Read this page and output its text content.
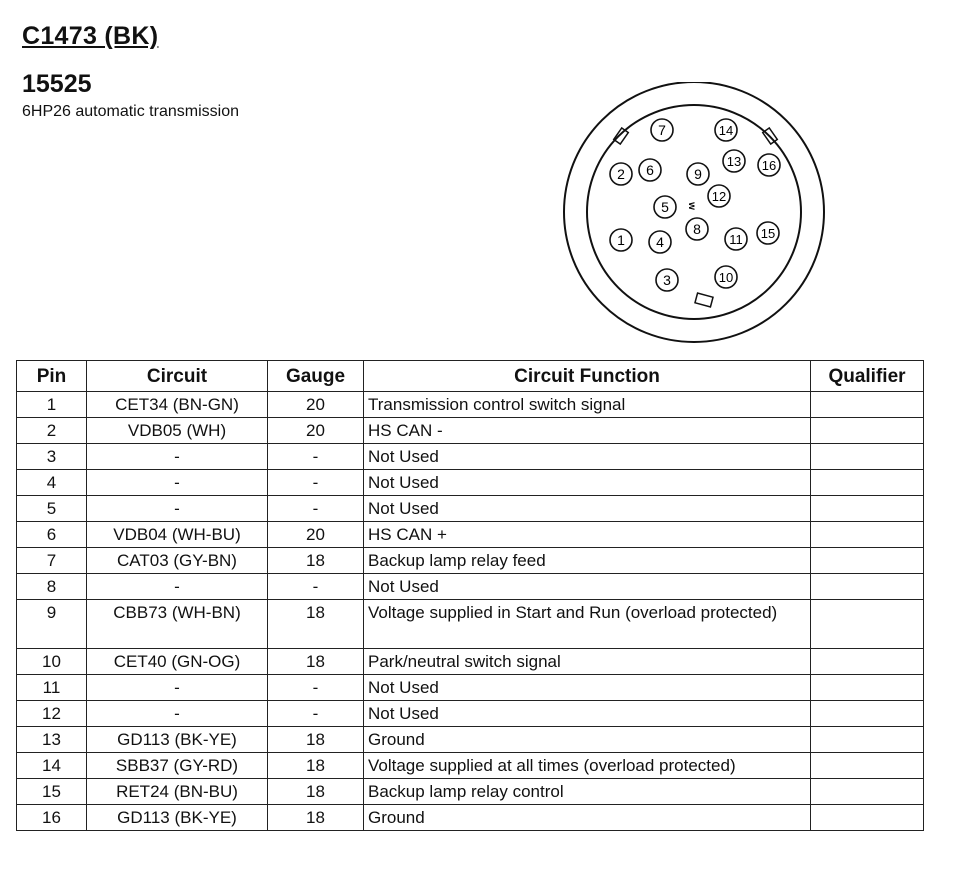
C1473 (BK)
15525
6HP26 automatic transmission
1
2
3
4
5
6
7
8
9
10
11
12
13
14
15
16
w
Pin	Circuit	Gauge	Circuit Function	Qualifier
1	CET34 (BN-GN)	20	Transmission control switch signal	
2	VDB05 (WH)	20	HS CAN -	
3	-	-	Not Used	
4	-	-	Not Used	
5	-	-	Not Used	
6	VDB04 (WH-BU)	20	HS CAN +	
7	CAT03 (GY-BN)	18	Backup lamp relay feed	
8	-	-	Not Used	
9	CBB73 (WH-BN)	18	Voltage supplied in Start and Run (overload protected)	
10	CET40 (GN-OG)	18	Park/neutral switch signal	
11	-	-	Not Used	
12	-	-	Not Used	
13	GD113 (BK-YE)	18	Ground	
14	SBB37 (GY-RD)	18	Voltage supplied at all times (overload protected)	
15	RET24 (BN-BU)	18	Backup lamp relay control	
16	GD113 (BK-YE)	18	Ground	
